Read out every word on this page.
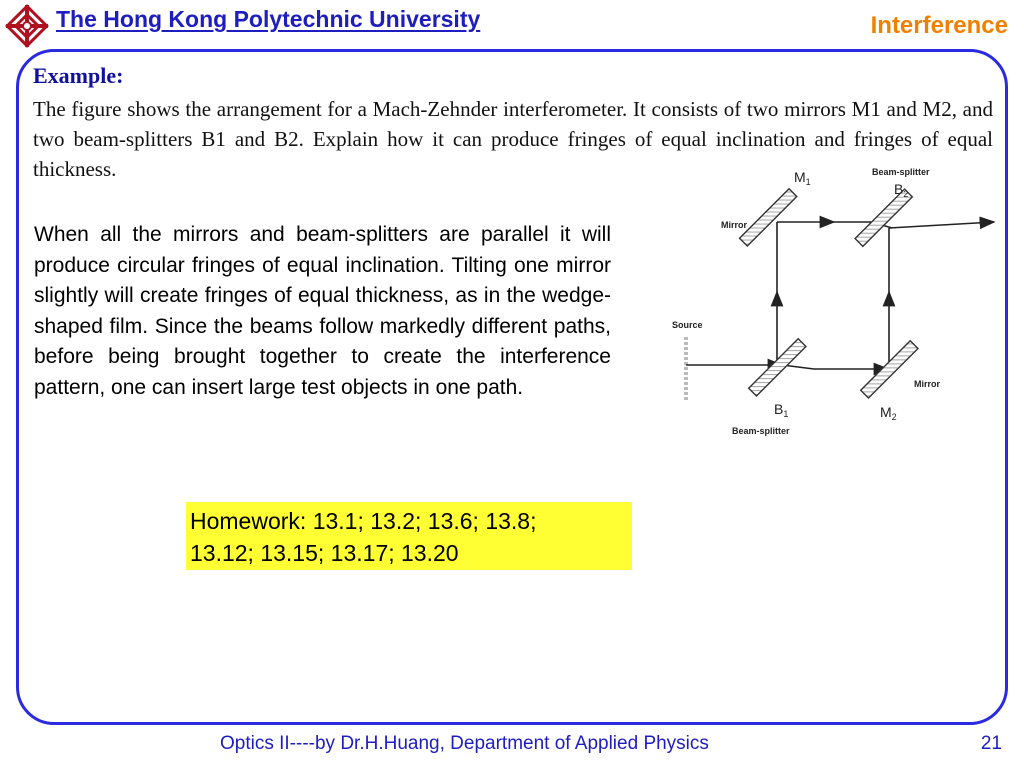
The Hong Kong Polytechnic University	Interference
Example:

The figure shows the arrangement for a Mach-Zehnder interferometer. It consists of two mirrors M1 and M2, and two beam-splitters B1 and B2. Explain how it can produce fringes of equal inclination and fringes of equal thickness.

When all the mirrors and beam-splitters are parallel it will produce circular fringes of equal inclination. Tilting one mirror slightly will create fringes of equal thickness, as in the wedge-shaped film. Since the beams follow markedly different paths, before being brought together to create the interference pattern, one can insert large test objects in one path.

$M_1$
Beam-splitter
$B_2$
Mirror
Source
Mirror
$B_1$	$M_2$
Beam-splitter
Homework: 13.1; 13.2; 13.6; 13.8;
13.12; 13.15; 13.17; 13.20
Optics II----by Dr.H.Huang, Department of Applied Physics	21
